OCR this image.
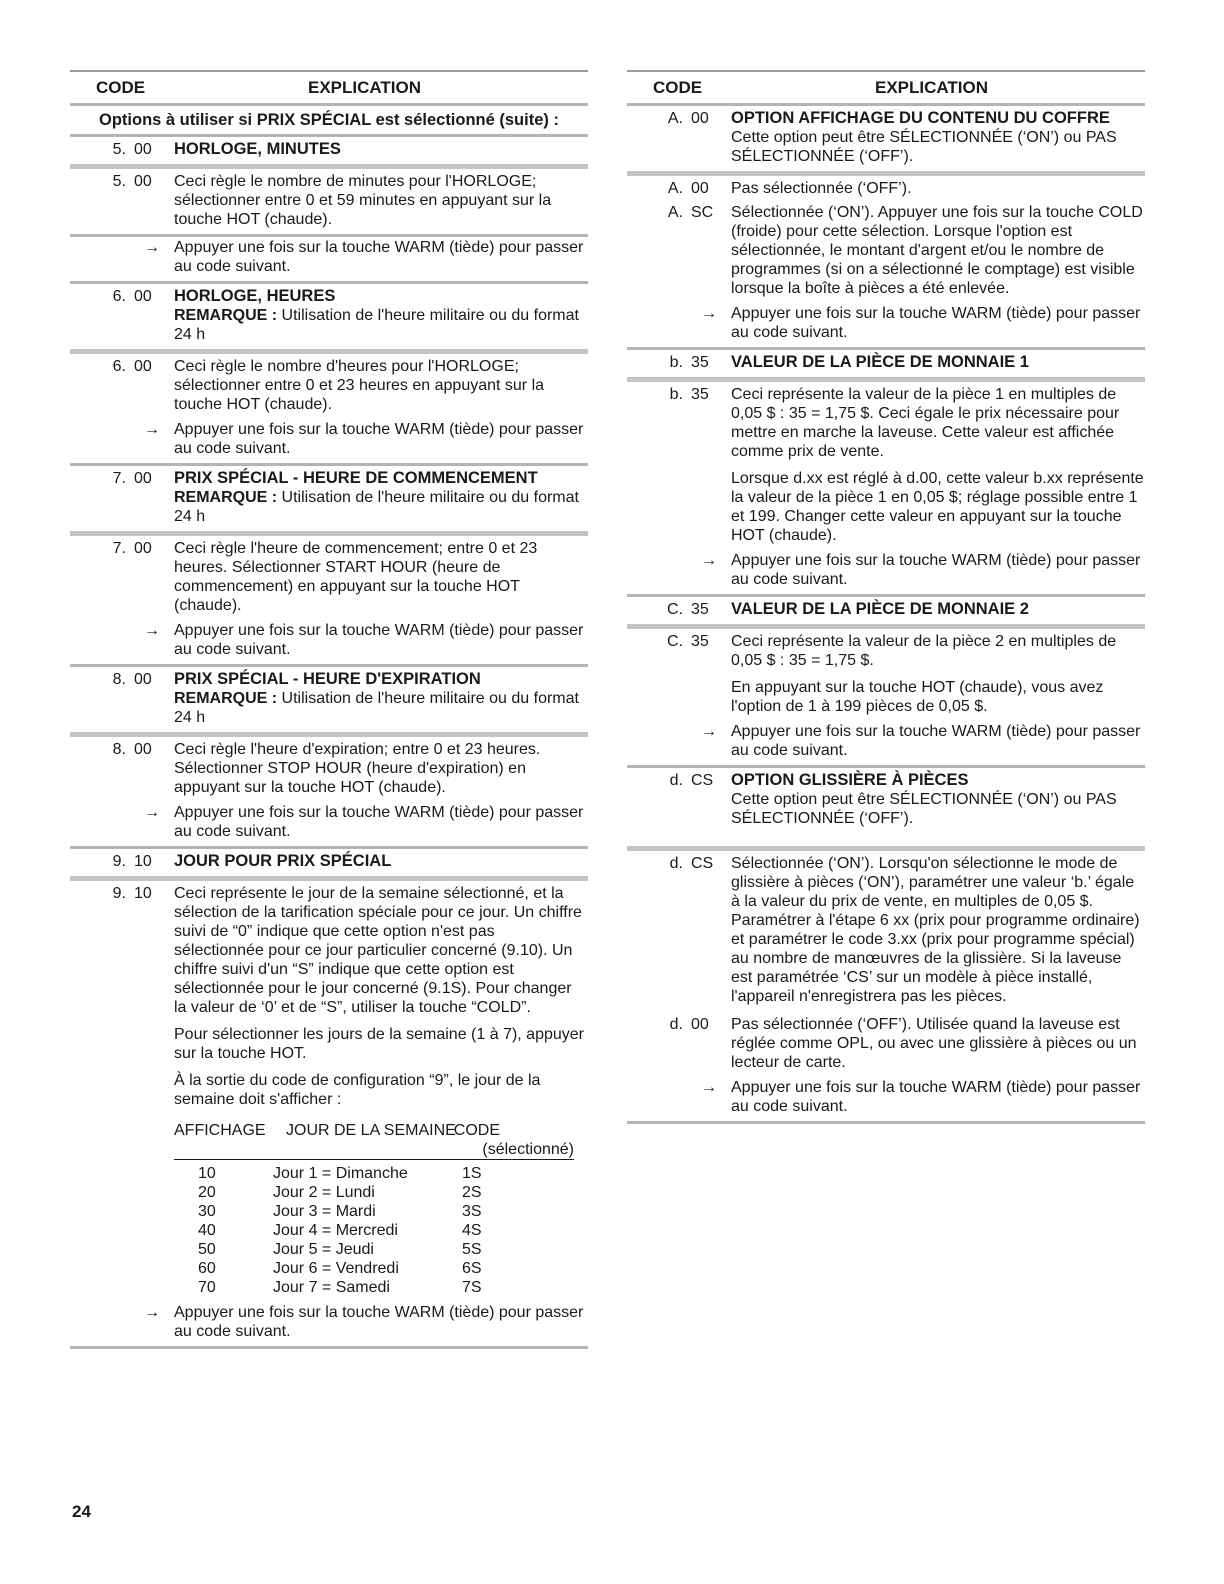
CODE	EXPLICATION
Options à utiliser si PRIX SPÉCIAL est sélectionné (suite) :
5. 00	HORLOGE, MINUTES
5. 00	Ceci règle le nombre de minutes pour l'HORLOGE; sélectionner entre 0 et 59 minutes en appuyant sur la touche HOT (chaude).

→ Appuyer une fois sur la touche WARM (tiède) pour passer au code suivant.
6. 00	HORLOGE, HEURES
REMARQUE : Utilisation de l'heure militaire ou du format 24 h
6. 00	Ceci règle le nombre d'heures pour l'HORLOGE; sélectionner entre 0 et 23 heures en appuyant sur la touche HOT (chaude).
→ Appuyer une fois sur la touche WARM (tiède) pour passer au code suivant.
7. 00	PRIX SPÉCIAL - HEURE DE COMMENCEMENT
REMARQUE : Utilisation de l'heure militaire ou du format 24 h
7. 00	Ceci règle l'heure de commencement; entre 0 et 23 heures. Sélectionner START HOUR (heure de commencement) en appuyant sur la touche HOT (chaude).
→ Appuyer une fois sur la touche WARM (tiède) pour passer au code suivant.
8. 00	PRIX SPÉCIAL - HEURE D'EXPIRATION
REMARQUE : Utilisation de l'heure militaire ou du format 24 h
8. 00	Ceci règle l'heure d'expiration; entre 0 et 23 heures. Sélectionner STOP HOUR (heure d'expiration) en appuyant sur la touche HOT (chaude).
→ Appuyer une fois sur la touche WARM (tiède) pour passer au code suivant.
9. 10	JOUR POUR PRIX SPÉCIAL
9. 10	Ceci représente le jour de la semaine sélectionné, et la sélection de la tarification spéciale pour ce jour. Un chiffre suivi de “0” indique que cette option n'est pas sélectionnée pour ce jour particulier concerné (9.10). Un chiffre suivi d'un “S” indique que cette option est sélectionnée pour le jour concerné (9.1S). Pour changer la valeur de ‘0’ et de “S”, utiliser la touche “COLD”.

Pour sélectionner les jours de la semaine (1 à 7), appuyer sur la touche HOT.

À la sortie du code de configuration “9”, le jour de la semaine doit s'afficher :

AFFICHAGE JOUR DE LA SEMAINE
CODE
(sélectionné)
10	Jour 1 = Dimanche	1S
20	Jour 2 = Lundi	2S
30	Jour 3 = Mardi	3S
40	Jour 4 = Mercredi	4S
50	Jour 5 = Jeudi	5S
60	Jour 6 = Vendredi	6S
70	Jour 7 = Samedi	7S
→ Appuyer une fois sur la touche WARM (tiède) pour passer au code suivant.
CODE	EXPLICATION
A. 00	OPTION AFFICHAGE DU CONTENU DU COFFRE
Cette option peut être SÉLECTIONNÉE (‘ON’) ou PAS SÉLECTIONNÉE (‘OFF’).
A. 00	Pas sélectionnée (‘OFF’).
A. SC	Sélectionnée (‘ON’). Appuyer une fois sur la touche COLD (froide) pour cette sélection. Lorsque l'option est sélectionnée, le montant d'argent et/ou le nombre de programmes (si on a sélectionné le comptage) est visible lorsque la boîte à pièces a été enlevée.
→ Appuyer une fois sur la touche WARM (tiède) pour passer au code suivant.
b. 35	VALEUR DE LA PIÈCE DE MONNAIE 1
b. 35	Ceci représente la valeur de la pièce 1 en multiples de 0,05 $ : 35 = 1,75 $. Ceci égale le prix nécessaire pour mettre en marche la laveuse. Cette valeur est affichée comme prix de vente.

Lorsque d.xx est réglé à d.00, cette valeur b.xx représente la valeur de la pièce 1 en 0,05 $; réglage possible entre 1 et 199. Changer cette valeur en appuyant sur la touche HOT (chaude).

→ Appuyer une fois sur la touche WARM (tiède) pour passer au code suivant.
C. 35	VALEUR DE LA PIÈCE DE MONNAIE 2
C. 35	Ceci représente la valeur de la pièce 2 en multiples de 0,05 $ : 35 = 1,75 $.

En appuyant sur la touche HOT (chaude), vous avez l'option de 1 à 199 pièces de 0,05 $.

→ Appuyer une fois sur la touche WARM (tiède) pour passer au code suivant.
d. CS	OPTION GLISSIÈRE À PIÈCES
Cette option peut être SÉLECTIONNÉE (‘ON’) ou PAS SÉLECTIONNÉE (‘OFF’).
d. CS	Sélectionnée (‘ON’). Lorsqu'on sélectionne le mode de glissière à pièces (‘ON’), paramétrer une valeur ‘b.’ égale à la valeur du prix de vente, en multiples de 0,05 $. Paramétrer à l'étape 6 xx (prix pour programme ordinaire) et paramétrer le code 3.xx (prix pour programme spécial) au nombre de manœuvres de la glissière. Si la laveuse est paramétrée ‘CS’ sur un modèle à pièce installé, l'appareil n'enregistrera pas les pièces.
d. 00	Pas sélectionnée (‘OFF’). Utilisée quand la laveuse est réglée comme OPL, ou avec une glissière à pièces ou un lecteur de carte.
→ Appuyer une fois sur la touche WARM (tiède) pour passer au code suivant.
24
